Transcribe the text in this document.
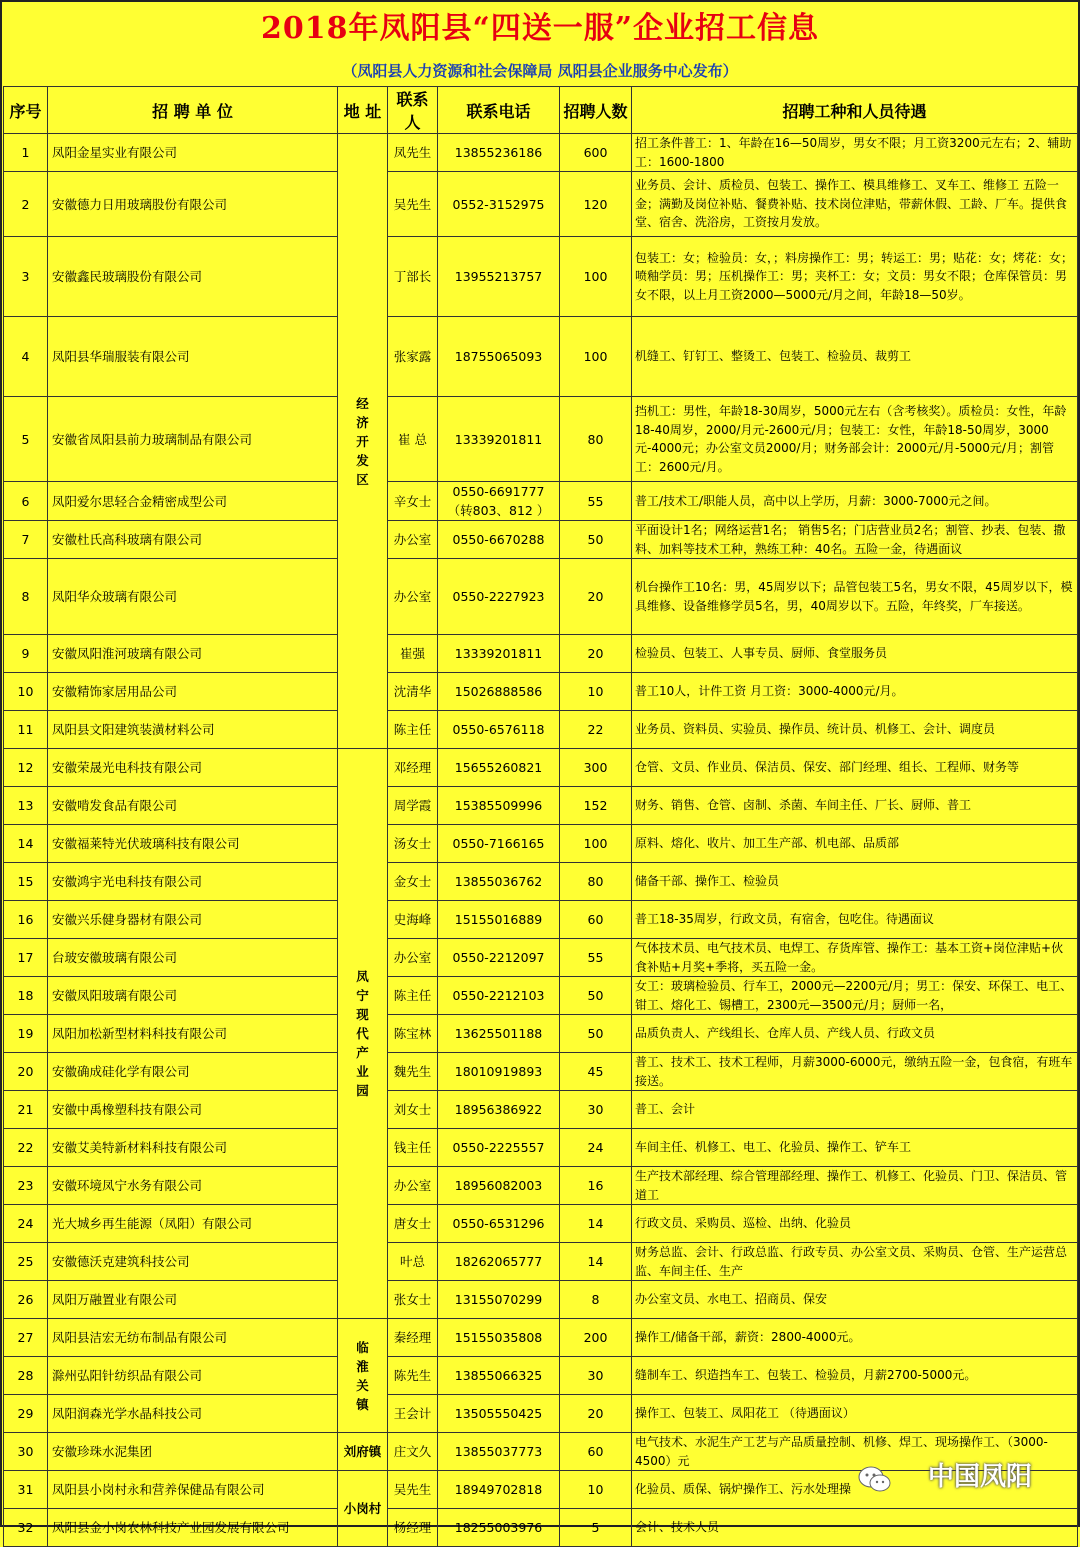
2018年凤阳县“四送一服”企业招工信息
（凤阳县人力资源和社会保障局 凤阳县企业服务中心发布）
序号	招 聘 单 位	地 址	联系人	联系电话	招聘人数	招聘工种和人员待遇
1	凤阳金星实业有限公司	经济开发区	凤先生	13855236186	600	招工条件普工：1、年龄在16—50周岁，男女不限；月工资3200元左右；2、辅助工：1600-1800
2	安徽德力日用玻璃股份有限公司		吴先生	0552-3152975	120	业务员、会计、质检员、包装工、操作工、模具维修工、叉车工、维修工 五险一金；满勤及岗位补贴、餐费补贴、技术岗位津贴，带薪休假、工龄、厂车。提供食堂、宿舍、洗浴房，工资按月发放。
3	安徽鑫民玻璃股份有限公司		丁部长	13955213757	100	包装工：女；检验员：女，；料房操作工：男；转运工：男；贴花：女；烤花：女；喷釉学员：男；压机操作工：男；夹杯工：女；文员：男女不限；仓库保管员：男女不限，以上月工资2000—5000元/月之间，年龄18—50岁。
4	凤阳县华瑞服装有限公司		张家露	18755065093	100	机缝工、钉钉工、整烫工、包装工、检验员、裁剪工
5	安徽省凤阳县前力玻璃制品有限公司		崔 总	13339201811	80	挡机工：男性，年龄18-30周岁，5000元左右（含考核奖）。质检员：女性，年龄18-40周岁，2000/月元-2600元/月；包装工：女性，年龄18-50周岁，3000元-4000元；办公室文员2000/月；财务部会计：2000元/月-5000元/月；割管工：2600元/月。
6	凤阳爱尔思轻合金精密成型公司		辛女士	0550-6691777（转803、812 ）	55	普工/技术工/职能人员，高中以上学历，月薪：3000-7000元之间。
7	安徽杜氏高科玻璃有限公司		办公室	0550-6670288	50	平面设计1名；网络运营1名； 销售5名；门店营业员2名；割管、抄表、包装、撒料、加料等技术工种，熟练工种：40名。五险一金，待遇面议
8	凤阳华众玻璃有限公司		办公室	0550-2227923	20	机台操作工10名：男，45周岁以下；品管包装工5名，男女不限，45周岁以下，模具维修、设备维修学员5名，男，40周岁以下。五险，年终奖，厂车接送。
9	安徽凤阳淮河玻璃有限公司		崔强	13339201811	20	检验员、包装工、人事专员、厨师、食堂服务员
10	安徽精饰家居用品公司		沈清华	15026888586	10	普工10人，计件工资 月工资：3000-4000元/月。
11	凤阳县文阳建筑装潢材料公司		陈主任	0550-6576118	22	业务员、资料员、实验员、操作员、统计员、机修工、会计、调度员
12	安徽荣晟光电科技有限公司	凤宁现代产业园	邓经理	15655260821	300	仓管、文员、作业员、保洁员、保安、部门经理、组长、工程师、财务等
13	安徽啃发食品有限公司		周学霞	15385509996	152	财务、销售、仓管、卤制、杀菌、车间主任、厂长、厨师、普工
14	安徽福莱特光伏玻璃科技有限公司		汤女士	0550-7166165	100	原料、熔化、收片、加工生产部、机电部、品质部
15	安徽鸿宇光电科技有限公司		金女士	13855036762	80	储备干部、操作工、检验员
16	安徽兴乐健身器材有限公司		史海峰	15155016889	60	普工18-35周岁，行政文员，有宿舍，包吃住。待遇面议
17	台玻安徽玻璃有限公司		办公室	0550-2212097	55	气体技术员、电气技术员、电焊工、存货库管、操作工：基本工资+岗位津贴+伙食补贴+月奖+季将，买五险一金。
18	安徽凤阳玻璃有限公司		陈主任	0550-2212103	50	女工：玻璃检验员、行车工，2000元—2200元/月；男工：保安、环保工、电工、钳工、熔化工、锡槽工，2300元—3500元/月；厨师一名，
19	凤阳加松新型材料科技有限公司		陈宝林	13625501188	50	品质负责人、产线组长、仓库人员、产线人员、行政文员
20	安徽确成硅化学有限公司		魏先生	18010919893	45	普工、技术工、技术工程师，月薪3000-6000元，缴纳五险一金，包食宿，有班车接送。
21	安徽中禹橡塑科技有限公司		刘女士	18956386922	30	普工、会计
22	安徽艾美特新材料科技有限公司		钱主任	0550-2225557	24	车间主任、机修工、电工、化验员、操作工、铲车工
23	安徽环境凤宁水务有限公司		办公室	18956082003	16	生产技术部经理、综合管理部经理、操作工、机修工、化验员、门卫、保洁员、管道工
24	光大城乡再生能源（凤阳）有限公司		唐女士	0550-6531296	14	行政文员、采购员、巡检、出纳、化验员
25	安徽德沃克建筑科技公司		叶总	18262065777	14	财务总监、会计、行政总监、行政专员、办公室文员、采购员、仓管、生产运营总监、车间主任、生产
26	凤阳万融置业有限公司		张女士	13155070299	8	办公室文员、水电工、招商员、保安
27	凤阳县洁宏无纺布制品有限公司	临淮关镇	秦经理	15155035808	200	操作工/储备干部，薪资：2800-4000元。
28	滁州弘阳针纺织品有限公司		陈先生	13855066325	30	缝制车工、织造挡车工、包装工、检验员，月薪2700-5000元。
29	凤阳润森光学水晶科技公司		王会计	13505550425	20	操作工、包装工、凤阳花工 （待遇面议）
30	安徽珍珠水泥集团	刘府镇	庄文久	13855037773	60	电气技术、水泥生产工艺与产品质量控制、机修、焊工、现场操作工、（3000-4500）元
31	凤阳县小岗村永和营养保健品有限公司	小岗村	吴先生	18949702818	10	化验员、质保、锅炉操作工、污水处理操
32	凤阳县金小岗农林科技产业园发展有限公司		杨经理	18255003976	5	会计、技术人员
中国凤阳
